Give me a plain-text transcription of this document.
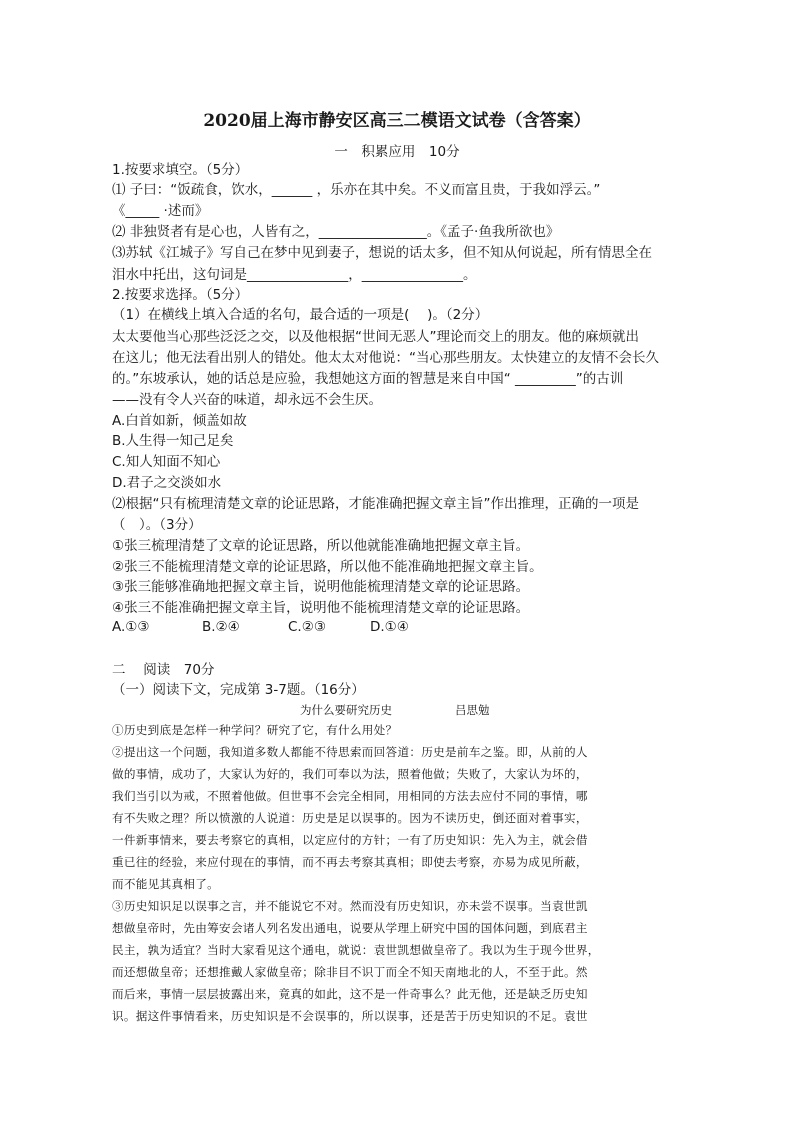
2020届上海市静安区高三二模语文试卷（含答案）
一　积累应用　10分
1.按要求填空。（5分）
⑴ 子曰：“饭疏食，饮水，______ ，乐亦在其中矣。不义而富且贵，于我如浮云。”
《_____ ·述而》
⑵ 非独贤者有是心也，人皆有之，________________。《孟子·鱼我所欲也》
⑶苏轼《江城子》写自己在梦中见到妻子，想说的话太多，但不知从何说起，所有情思全在
泪水中托出，这句词是_______________，_______________。
2.按要求选择。（5分）
（1）在横线上填入合适的名句，最合适的一项是(　 )。（2分）
太太要他当心那些泛泛之交，以及他根据“世间无恶人”理论而交上的朋友。他的麻烦就出
在这儿；他无法看出别人的错处。他太太对他说：“当心那些朋友。太快建立的友情不会长久
的。”东坡承认，她的话总是应验，我想她这方面的智慧是来自中国“ _________”的古训
——没有令人兴奋的味道，却永远不会生厌。
A.白首如新，倾盖如故
B.人生得一知己足矣
C.知人知面不知心
D.君子之交淡如水
⑵根据“只有梳理清楚文章的论证思路，才能准确把握文章主旨”作出推理，正确的一项是
（　）。（3分）
①张三梳理清楚了文章的论证思路，所以他就能准确地把握文章主旨。
②张三不能梳理清楚文章的论证思路，所以他不能准确地把握文章主旨。
③张三能够准确地把握文章主旨，说明他能梳理清楚文章的论证思路。
④张三不能准确把握文章主旨，说明他不能梳理清楚文章的论证思路。
A.①③	B.②④	C.②③	D.①④
二　 阅读　70分
（一）阅读下文，完成第 3-7题。（16分）
为什么要研究历史	吕思勉
①历史到底是怎样一种学问？研究了它，有什么用处？
②提出这一个问题，我知道多数人都能不待思索而回答道：历史是前车之鉴。即，从前的人
做的事情，成功了，大家认为好的，我们可奉以为法，照着他做；失败了，大家认为坏的，
我们当引以为戒，不照着他做。但世事不会完全相同，用相同的方法去应付不同的事情，哪
有不失败之理？所以愤激的人说道：历史是足以误事的。因为不读历史，倒还面对着事实，
一件新事情来，要去考察它的真相，以定应付的方针；一有了历史知识：先入为主，就会借
重已往的经验，来应付现在的事情，而不再去考察其真相；即使去考察，亦易为成见所蔽，
而不能见其真相了。
③历史知识足以误事之言，并不能说它不对。然而没有历史知识，亦未尝不误事。当袁世凯
想做皇帝时，先由筹安会诸人列名发出通电，说要从学理上研究中国的国体问题，到底君主
民主，孰为适宜？当时大家看见这个通电，就说：袁世凯想做皇帝了。我以为生于现今世界，
而还想做皇帝；还想推戴人家做皇帝；除非目不识丁而全不知天南地北的人，不至于此。然
而后来，事情一层层披露出来，竟真的如此，这不是一件奇事么？此无他，还是缺乏历史知
识。据这件事情看来，历史知识是不会误事的，所以误事，还是苦于历史知识的不足。袁世
